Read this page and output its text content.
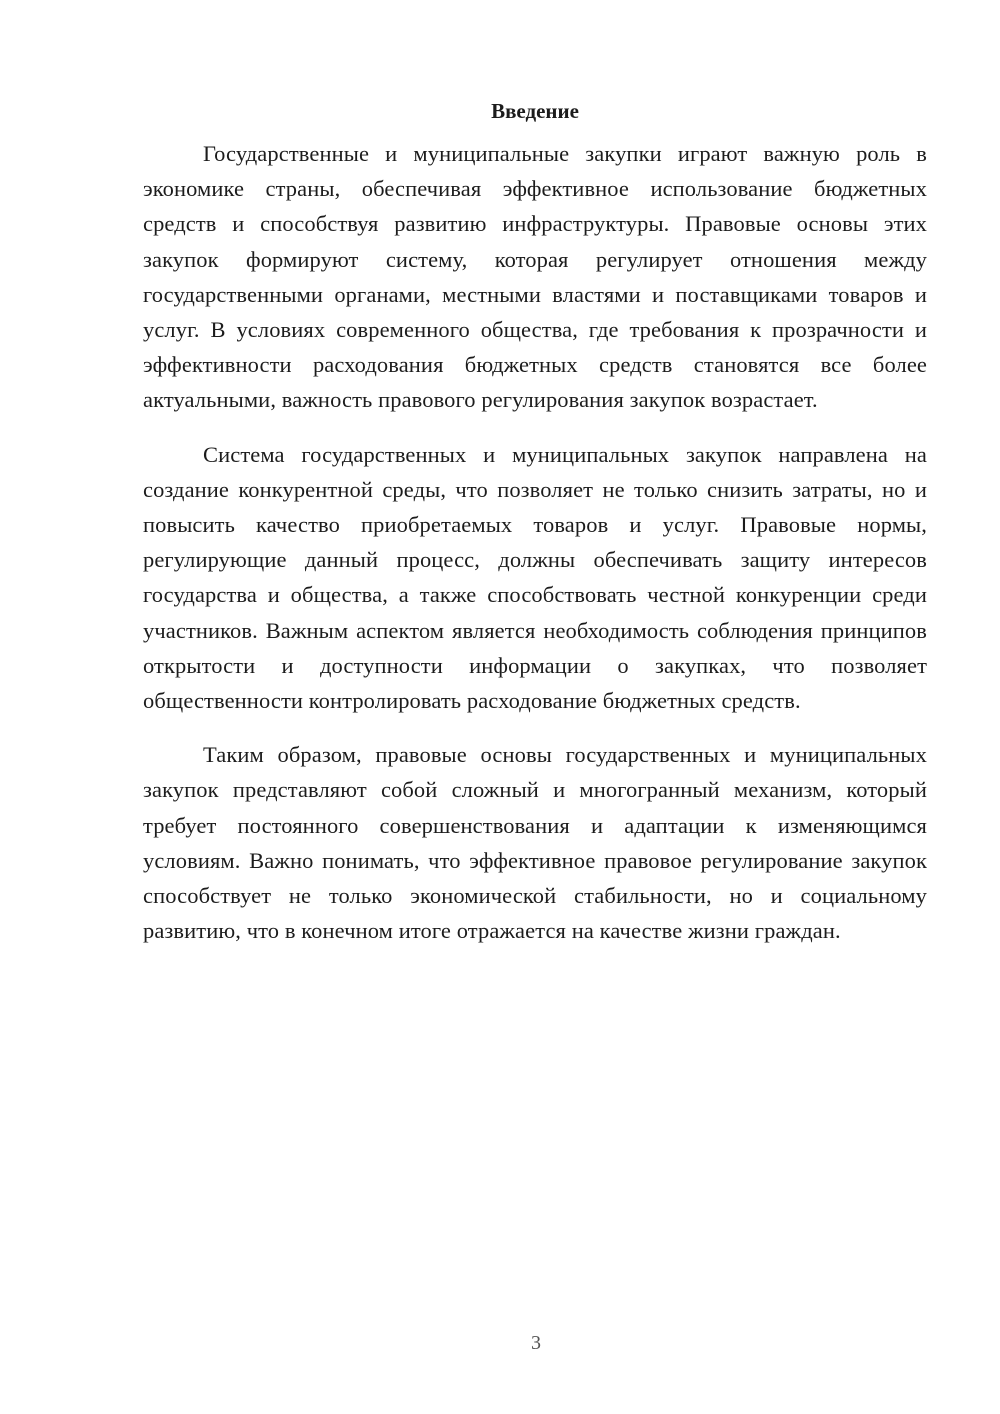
Введение

Государственные и муниципальные закупки играют важную роль в экономике страны, обеспечивая эффективное использование бюджетных средств и способствуя развитию инфраструктуры. Правовые основы этих закупок формируют систему, которая регулирует отношения между государственными органами, местными властями и поставщиками товаров и услуг. В условиях современного общества, где требования к прозрачности и эффективности расходования бюджетных средств становятся все более актуальными, важность правового регулирования закупок возрастает.

Система государственных и муниципальных закупок направлена на создание конкурентной среды, что позволяет не только снизить затраты, но и повысить качество приобретаемых товаров и услуг. Правовые нормы, регулирующие данный процесс, должны обеспечивать защиту интересов государства и общества, а также способствовать честной конкуренции среди участников. Важным аспектом является необходимость соблюдения принципов открытости и доступности информации о закупках, что позволяет общественности контролировать расходование бюджетных средств.

Таким образом, правовые основы государственных и муниципальных закупок представляют собой сложный и многогранный механизм, который требует постоянного совершенствования и адаптации к изменяющимся условиям. Важно понимать, что эффективное правовое регулирование закупок способствует не только экономической стабильности, но и социальному развитию, что в конечном итоге отражается на качестве жизни граждан.

3
